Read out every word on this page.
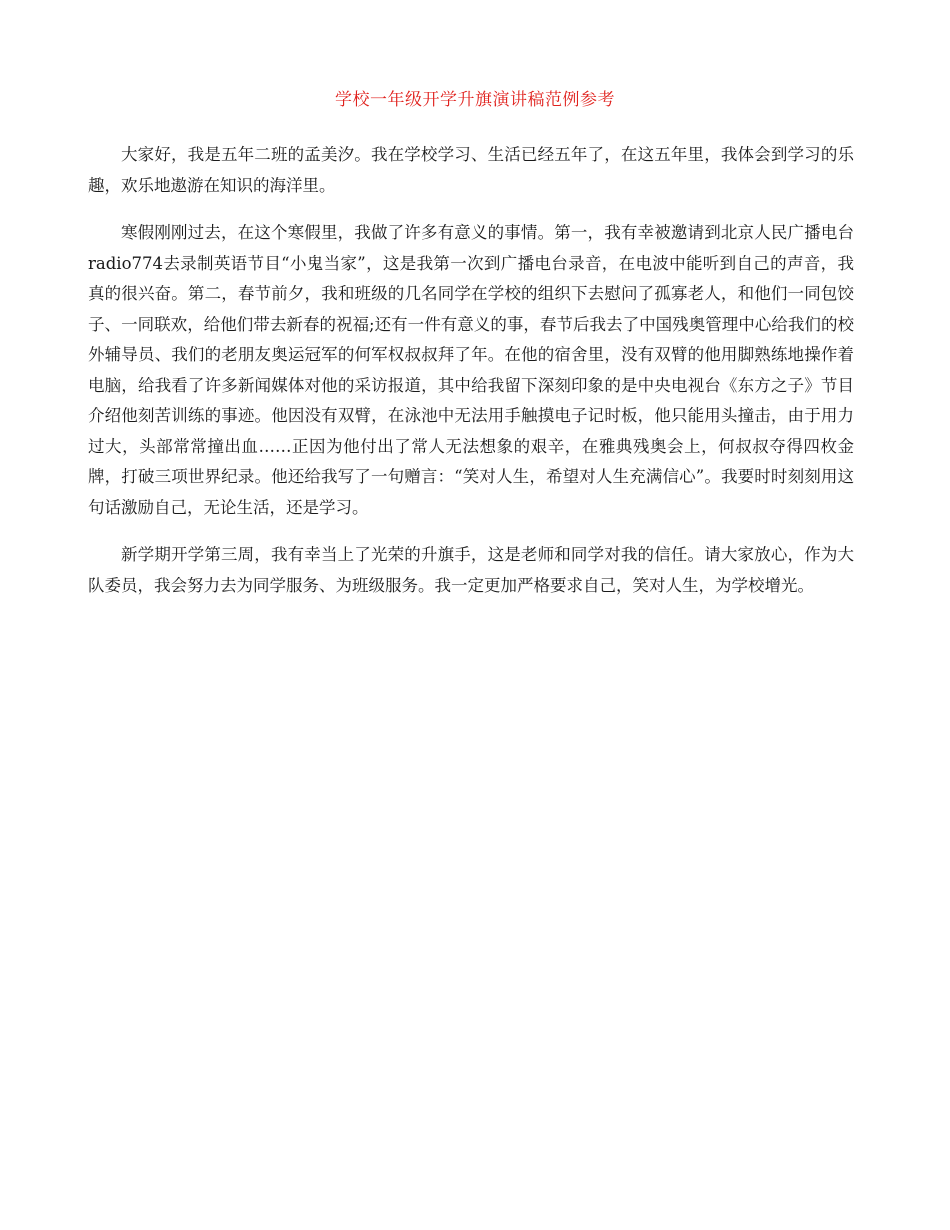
学校一年级开学升旗演讲稿范例参考

大家好，我是五年二班的孟美汐。我在学校学习、生活已经五年了，在这五年里，我体会到学习的乐趣，欢乐地遨游在知识的海洋里。

寒假刚刚过去，在这个寒假里，我做了许多有意义的事情。第一，我有幸被邀请到北京人民广播电台radio774去录制英语节目“小鬼当家”，这是我第一次到广播电台录音，在电波中能听到自己的声音，我真的很兴奋。第二，春节前夕，我和班级的几名同学在学校的组织下去慰问了孤寡老人，和他们一同包饺子、一同联欢，给他们带去新春的祝福;还有一件有意义的事，春节后我去了中国残奥管理中心给我们的校外辅导员、我们的老朋友奥运冠军的何军权叔叔拜了年。在他的宿舍里，没有双臂的他用脚熟练地操作着电脑，给我看了许多新闻媒体对他的采访报道，其中给我留下深刻印象的是中央电视台《东方之子》节目介绍他刻苦训练的事迹。他因没有双臂，在泳池中无法用手触摸电子记时板，他只能用头撞击，由于用力过大，头部常常撞出血……正因为他付出了常人无法想象的艰辛，在雅典残奥会上，何叔叔夺得四枚金牌，打破三项世界纪录。他还给我写了一句赠言：“笑对人生，希望对人生充满信心”。我要时时刻刻用这句话激励自己，无论生活，还是学习。

新学期开学第三周，我有幸当上了光荣的升旗手，这是老师和同学对我的信任。请大家放心，作为大队委员，我会努力去为同学服务、为班级服务。我一定更加严格要求自己，笑对人生，为学校增光。
